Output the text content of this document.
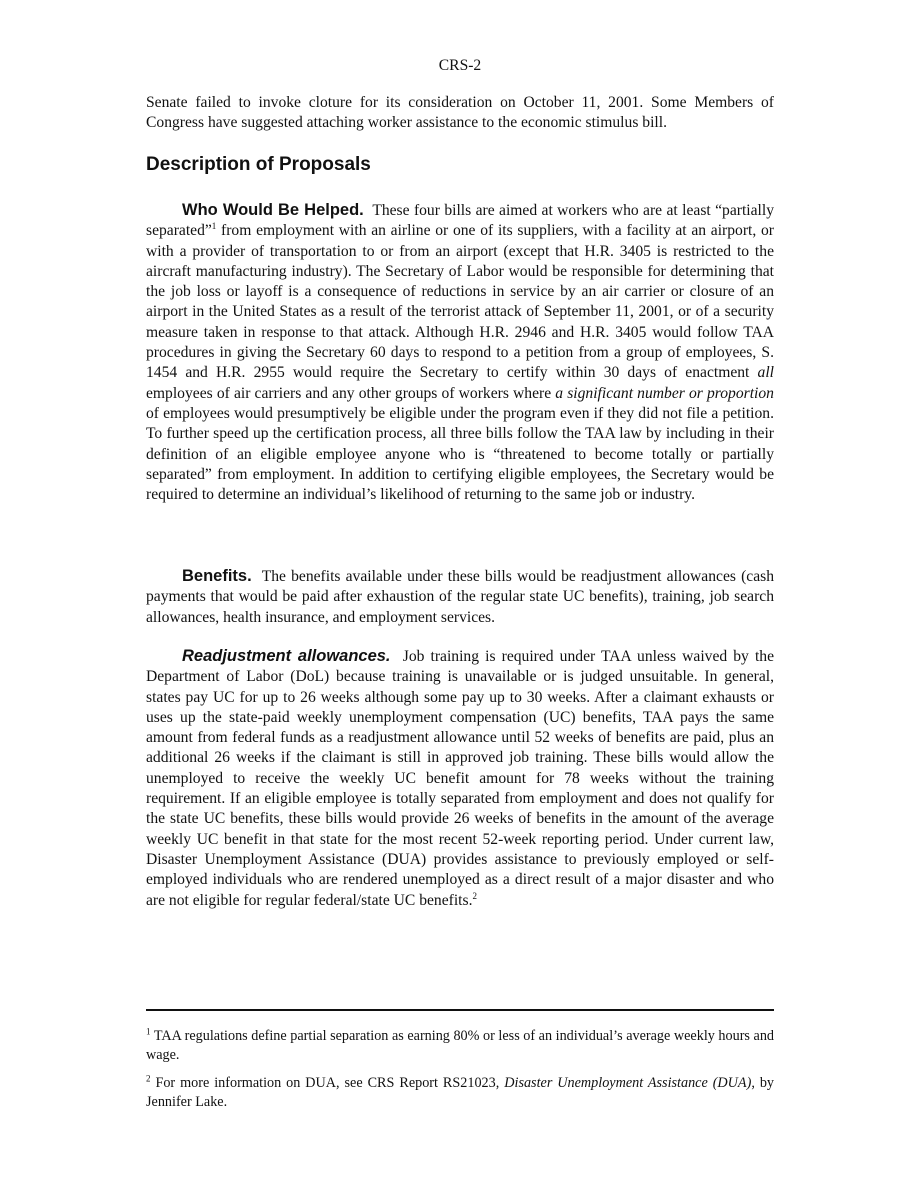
CRS-2

Senate failed to invoke cloture for its consideration on October 11, 2001. Some Members of Congress have suggested attaching worker assistance to the economic stimulus bill.

Description of Proposals

Who Would Be Helped. These four bills are aimed at workers who are at least “partially separated”$^1$ from employment with an airline or one of its suppliers, with a facility at an airport, or with a provider of transportation to or from an airport (except that H.R. 3405 is restricted to the aircraft manufacturing industry). The Secretary of Labor would be responsible for determining that the job loss or layoff is a consequence of reductions in service by an air carrier or closure of an airport in the United States as a result of the terrorist attack of September 11, 2001, or of a security measure taken in response to that attack. Although H.R. 2946 and H.R. 3405 would follow TAA procedures in giving the Secretary 60 days to respond to a petition from a group of employees, S. 1454 and H.R. 2955 would require the Secretary to certify within 30 days of enactment all employees of air carriers and any other groups of workers where a significant number or proportion of employees would presumptively be eligible under the program even if they did not file a petition. To further speed up the certification process, all three bills follow the TAA law by including in their definition of an eligible employee anyone who is “threatened to become totally or partially separated” from employment. In addition to certifying eligible employees, the Secretary would be required to determine an individual’s likelihood of returning to the same job or industry.

Benefits. The benefits available under these bills would be readjustment allowances (cash payments that would be paid after exhaustion of the regular state UC benefits), training, job search allowances, health insurance, and employment services.

Readjustment allowances. Job training is required under TAA unless waived by the Department of Labor (DoL) because training is unavailable or is judged unsuitable. In general, states pay UC for up to 26 weeks although some pay up to 30 weeks. After a claimant exhausts or uses up the state-paid weekly unemployment compensation (UC) benefits, TAA pays the same amount from federal funds as a readjustment allowance until 52 weeks of benefits are paid, plus an additional 26 weeks if the claimant is still in approved job training. These bills would allow the unemployed to receive the weekly UC benefit amount for 78 weeks without the training requirement. If an eligible employee is totally separated from employment and does not qualify for the state UC benefits, these bills would provide 26 weeks of benefits in the amount of the average weekly UC benefit in that state for the most recent 52-week reporting period. Under current law, Disaster Unemployment Assistance (DUA) provides assistance to previously employed or self-employed individuals who are rendered unemployed as a direct result of a major disaster and who are not eligible for regular federal/state UC benefits.$^2$

$^1$ TAA regulations define partial separation as earning 80% or less of an individual’s average weekly hours and wage.

$^2$ For more information on DUA, see CRS Report RS21023, Disaster Unemployment Assistance (DUA), by Jennifer Lake.
